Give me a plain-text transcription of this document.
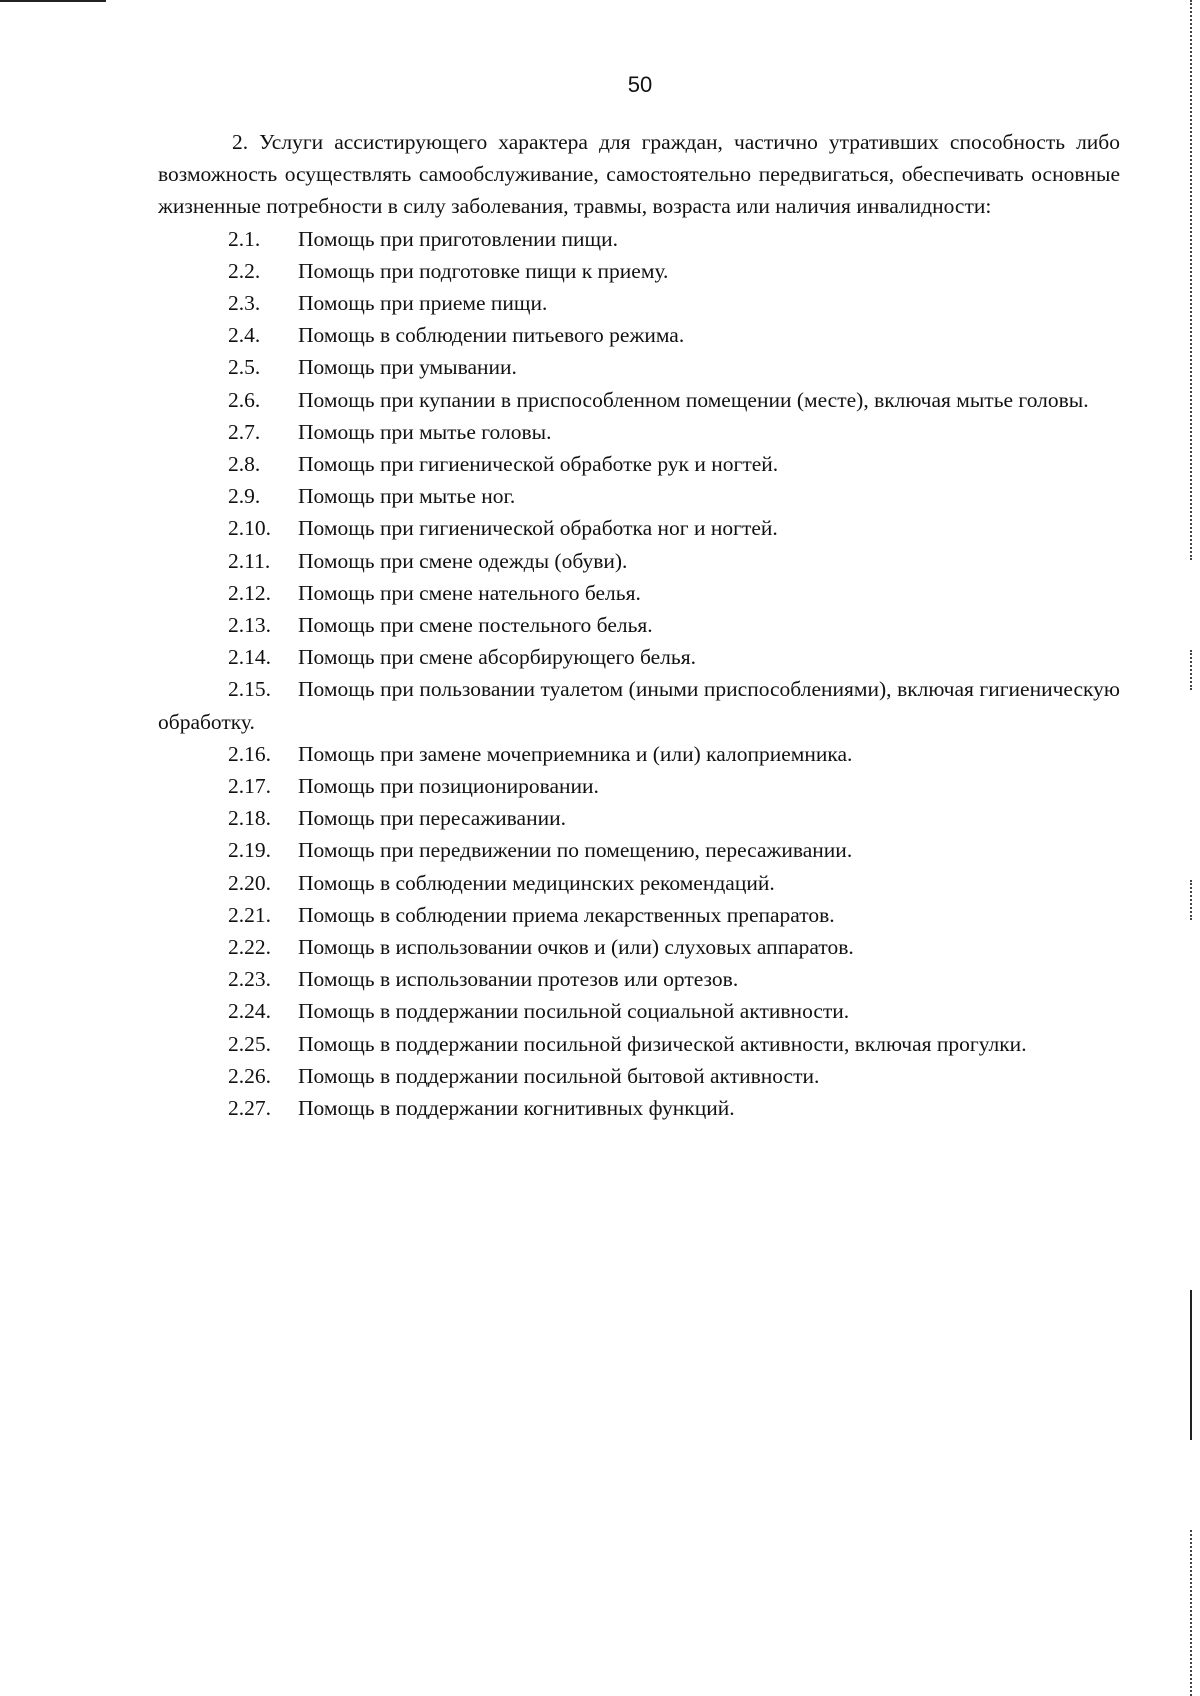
50

2. Услуги ассистирующего характера для граждан, частично утративших способность либо возможность осуществлять самообслуживание, самостоятельно передвигаться, обеспечивать основные жизненные потребности в силу заболевания, травмы, возраста или наличия инвалидности:

2.1. Помощь при приготовлении пищи.

2.2. Помощь при подготовке пищи к приему.

2.3. Помощь при приеме пищи.

2.4. Помощь в соблюдении питьевого режима.

2.5. Помощь при умывании.

2.6. Помощь при купании в приспособленном помещении (месте), включая мытье головы.

2.7. Помощь при мытье головы.

2.8. Помощь при гигиенической обработке рук и ногтей.

2.9. Помощь при мытье ног.

2.10. Помощь при гигиенической обработка ног и ногтей.

2.11. Помощь при смене одежды (обуви).

2.12. Помощь при смене нательного белья.

2.13. Помощь при смене постельного белья.

2.14. Помощь при смене абсорбирующего белья.

2.15. Помощь при пользовании туалетом (иными приспособлениями), включая гигиеническую обработку.

2.16. Помощь при замене мочеприемника и (или) калоприемника.

2.17. Помощь при позиционировании.

2.18. Помощь при пересаживании.

2.19. Помощь при передвижении по помещению, пересаживании.

2.20. Помощь в соблюдении медицинских рекомендаций.

2.21. Помощь в соблюдении приема лекарственных препаратов.

2.22. Помощь в использовании очков и (или) слуховых аппаратов.

2.23. Помощь в использовании протезов или ортезов.

2.24. Помощь в поддержании посильной социальной активности.

2.25. Помощь в поддержании посильной физической активности, включая прогулки.

2.26. Помощь в поддержании посильной бытовой активности.

2.27. Помощь в поддержании когнитивных функций.
